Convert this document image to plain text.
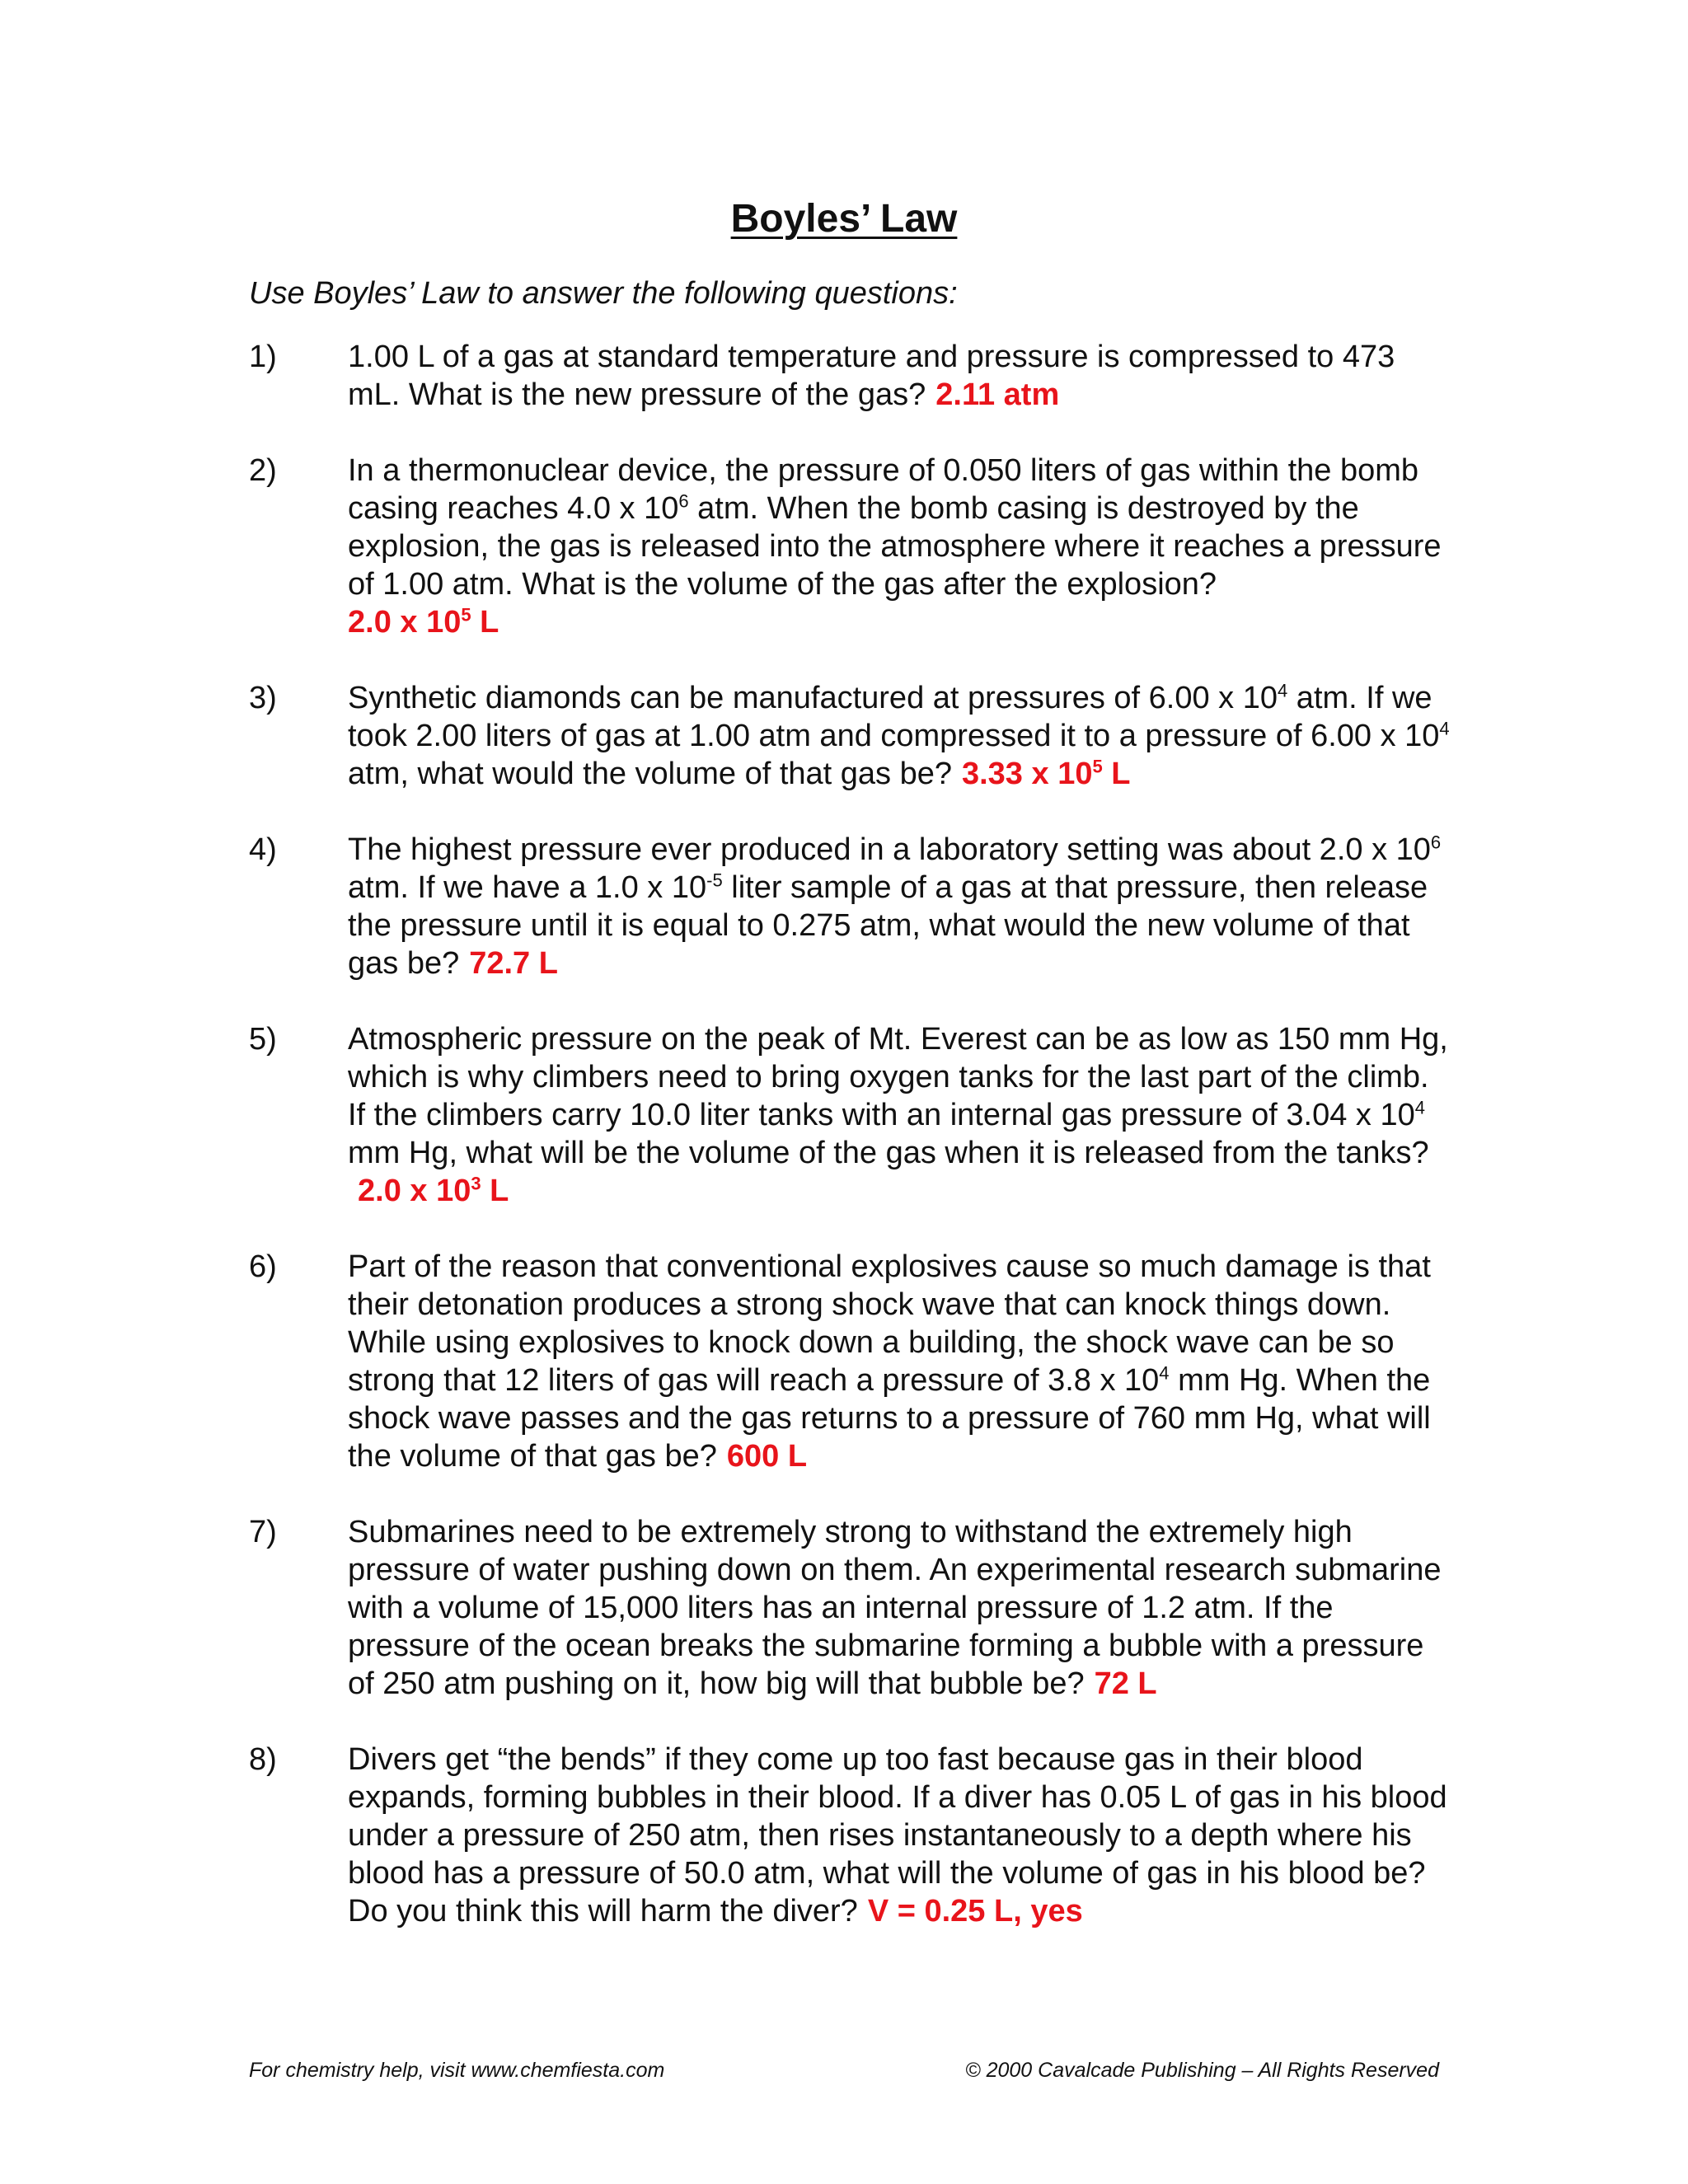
Boyles’ Law
Use Boyles’ Law to answer the following questions:
1) 1.00 L of a gas at standard temperature and pressure is compressed to 473 mL. What is the new pressure of the gas? 2.11 atm
2) In a thermonuclear device, the pressure of 0.050 liters of gas within the bomb casing reaches 4.0 x $10^6$ atm. When the bomb casing is destroyed by the explosion, the gas is released into the atmosphere where it reaches a pressure of 1.00 atm. What is the volume of the gas after the explosion?
2.0 x $10^5$ L
3) Synthetic diamonds can be manufactured at pressures of 6.00 x $10^4$ atm. If we took 2.00 liters of gas at 1.00 atm and compressed it to a pressure of 6.00 x $10^4$ atm, what would the volume of that gas be? 3.33 x $10^5$ L
4) The highest pressure ever produced in a laboratory setting was about 2.0 x $10^6$ atm. If we have a 1.0 x $10^{-5}$ liter sample of a gas at that pressure, then release the pressure until it is equal to 0.275 atm, what would the new volume of that gas be? 72.7 L
5) Atmospheric pressure on the peak of Mt. Everest can be as low as 150 mm Hg, which is why climbers need to bring oxygen tanks for the last part of the climb. If the climbers carry 10.0 liter tanks with an internal gas pressure of 3.04 x $10^4$ mm Hg, what will be the volume of the gas when it is released from the tanks?2.0 x $10^3$ L
6) Part of the reason that conventional explosives cause so much damage is that their detonation produces a strong shock wave that can knock things down. While using explosives to knock down a building, the shock wave can be so strong that 12 liters of gas will reach a pressure of 3.8 x $10^4$ mm Hg. When the shock wave passes and the gas returns to a pressure of 760 mm Hg, what will the volume of that gas be? 600 L
7) Submarines need to be extremely strong to withstand the extremely high pressure of water pushing down on them. An experimental research submarine with a volume of 15,000 liters has an internal pressure of 1.2 atm. If the pressure of the ocean breaks the submarine forming a bubble with a pressure of 250 atm pushing on it, how big will that bubble be? 72 L
8) Divers get “the bends” if they come up too fast because gas in their blood expands, forming bubbles in their blood. If a diver has 0.05 L of gas in his blood under a pressure of 250 atm, then rises instantaneously to a depth where his blood has a pressure of 50.0 atm, what will the volume of gas in his blood be? Do you think this will harm the diver? V = 0.25 L, yes
For chemistry help, visit www.chemfiesta.com	© 2000 Cavalcade Publishing – All Rights Reserved
